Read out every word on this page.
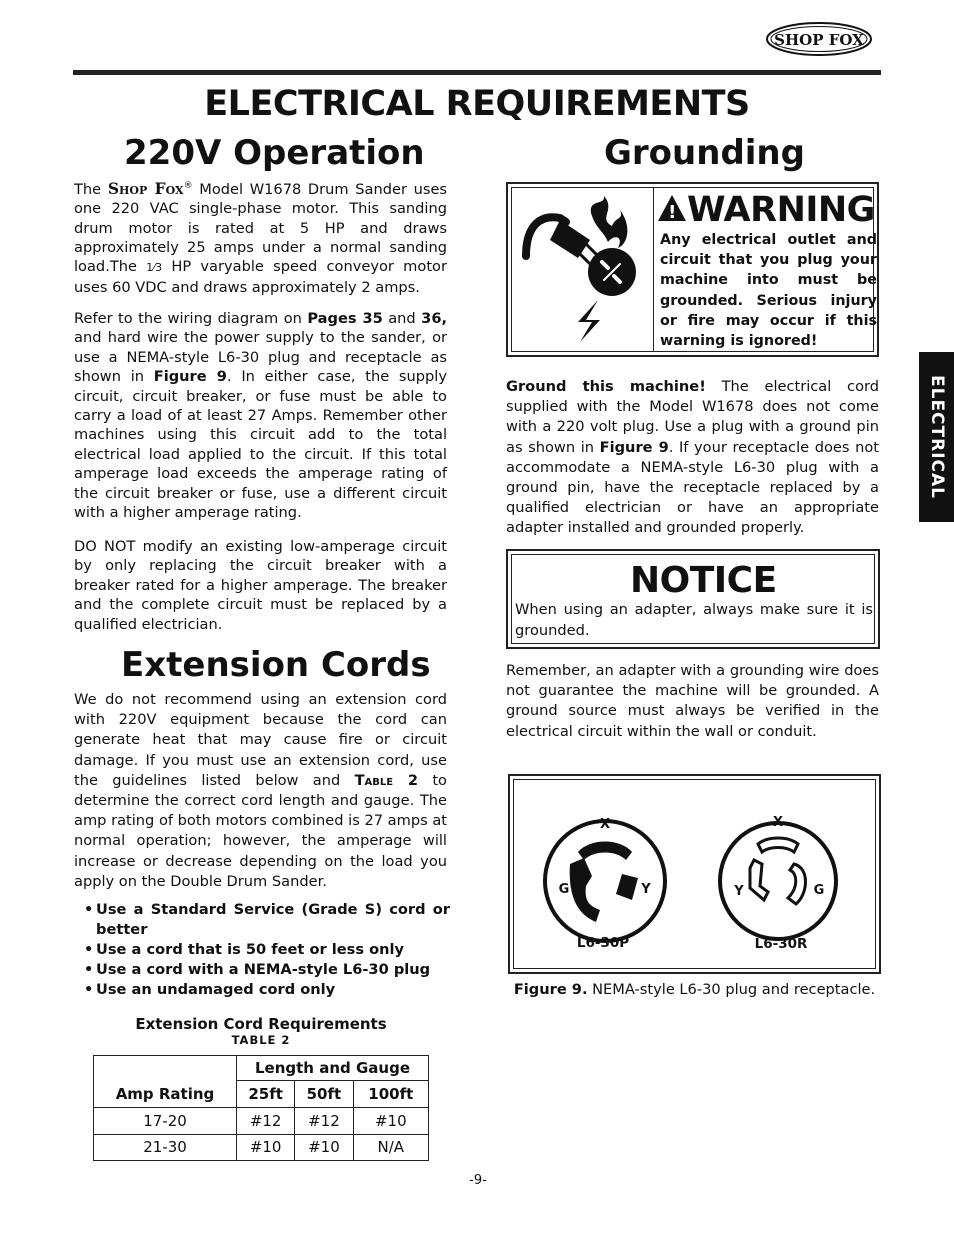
SHOP FOX
ELECTRICAL REQUIREMENTS
ELECTRICAL
220V Operation

The Shop Fox® Model W1678 Drum Sander uses one 220 VAC single-phase motor. This sanding drum motor is rated at 5 HP and draws approximately 25 amps under a normal sanding load.The 1⁄3 HP varyable speed conveyor motor uses 60 VDC and draws approximately 2 amps.

Refer to the wiring diagram on Pages 35 and 36, and hard wire the power supply to the sander, or use a NEMA-style L6-30 plug and receptacle as shown in Figure 9. In either case, the supply circuit, circuit breaker, or fuse must be able to carry a load of at least 27 Amps. Remember other machines using this circuit add to the total electrical load applied to the circuit. If this total amperage load exceeds the amperage rating of the circuit breaker or fuse, use a different circuit with a higher amperage rating.

DO NOT modify an existing low-amperage circuit by only replacing the circuit breaker with a breaker rated for a higher amperage. The breaker and the complete circuit must be replaced by a qualified electrician.

Extension Cords

We do not recommend using an extension cord with 220V equipment because the cord can generate heat that may cause fire or circuit damage. If you must use an extension cord, use the guidelines listed below and Table 2 to determine the correct cord length and gauge. The amp rating of both motors combined is 27 amps at normal operation; however, the amperage will increase or decrease depending on the load you apply on the Double Drum Sander.

• Use a Standard Service (Grade S) cord or better
• Use a cord that is 50 feet or less only
• Use a cord with a NEMA-style L6-30 plug
• Use an undamaged cord only
Extension Cord Requirements
TABLE 2
	Length and Gauge		
Amp Rating	25ft	50ft	100ft
17-20	#12	#12	#10
21-30	#10	#10	N/A
Grounding
! WARNING
Any electrical outlet and circuit that you plug your machine into must be grounded. Serious injury or fire may occur if this warning is ignored!

Ground this machine! The electrical cord supplied with the Model W1678 does not come with a 220 volt plug. Use a plug with a ground pin as shown in Figure 9. If your receptacle does not accommodate a NEMA-style L6-30 plug with a ground pin, have the receptacle replaced by a qualified electrician or have an appropriate adapter installed and grounded properly.

NOTICE
When using an adapter, always make sure it is grounded.

Remember, an adapter with a grounding wire does not guarantee the machine will be grounded. A ground source must always be verified in the electrical circuit within the wall or conduit.

X
G	Y
X
Y	G
L6-30P	L6-30R
Figure 9. NEMA-style L6-30 plug and receptacle.
-9-
